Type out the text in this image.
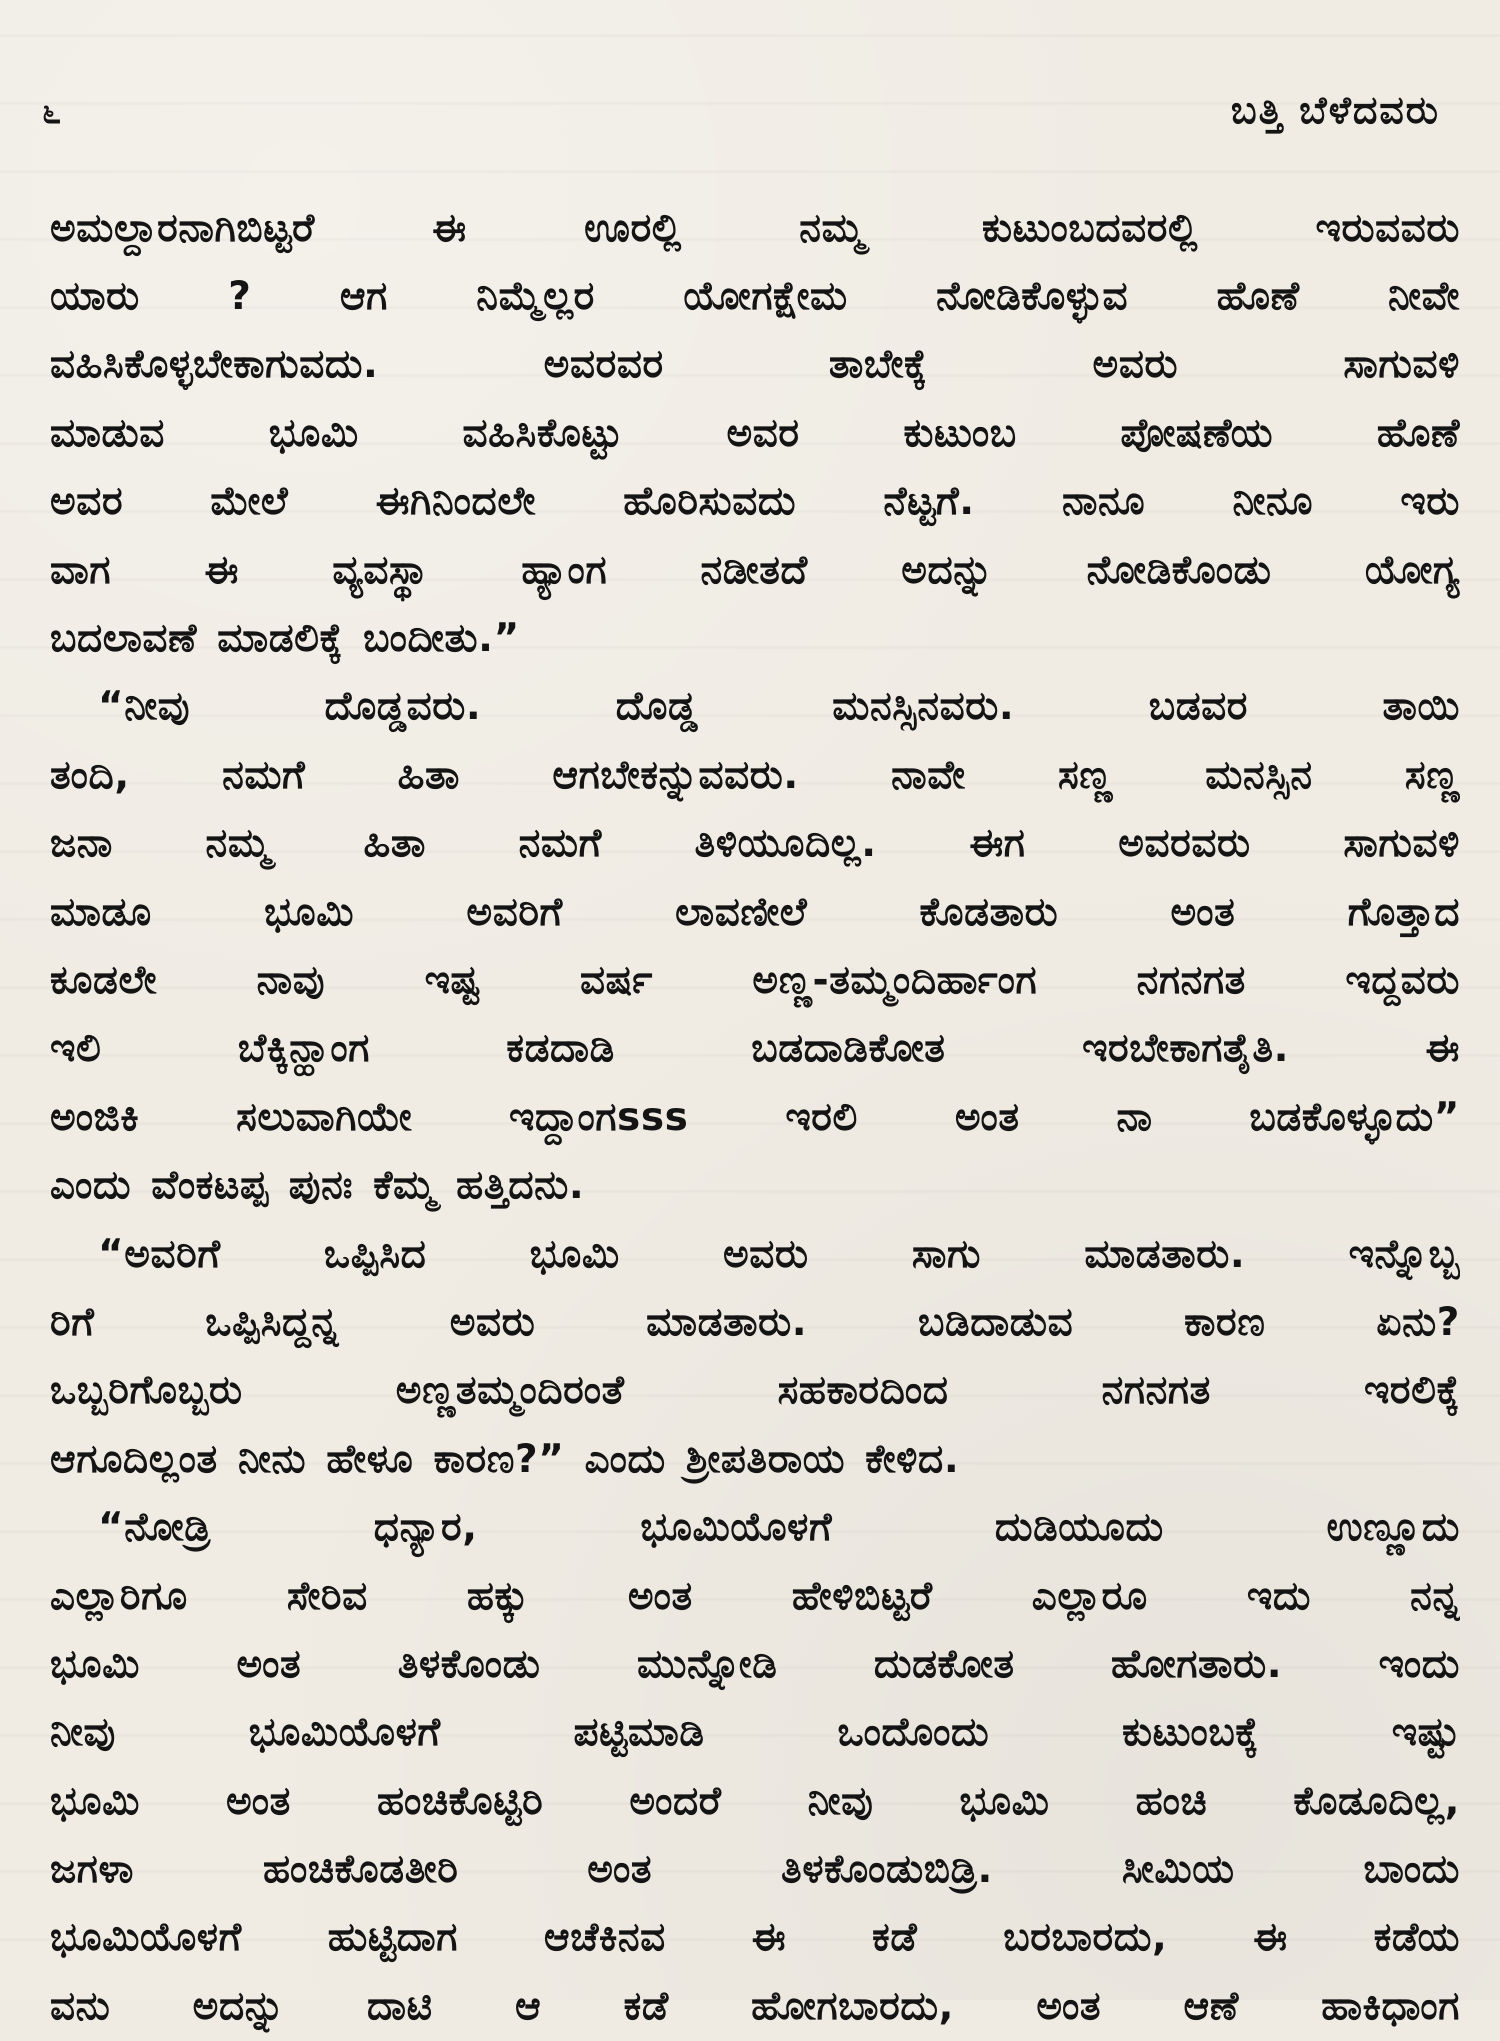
೬	ಬತ್ತಿ ಬೆಳೆದವರು
ಅಮಲ್ದಾರನಾಗಿಬಿಟ್ಟರೆ ಈ ಊರಲ್ಲಿ ನಮ್ಮ ಕುಟುಂಬದವರಲ್ಲಿ ಇರುವವರು
ಯಾರು ? ಆಗ ನಿಮ್ಮೆಲ್ಲರ ಯೋಗಕ್ಷೇಮ ನೋಡಿಕೊಳ್ಳುವ ಹೊಣೆ ನೀವೇ
ವಹಿಸಿಕೊಳ್ಳಬೇಕಾಗುವದು. ಅವರವರ ತಾಬೇಕ್ಕೆ ಅವರು ಸಾಗುವಳಿ
ಮಾಡುವ ಭೂಮಿ ವಹಿಸಿಕೊಟ್ಟು ಅವರ ಕುಟುಂಬ ಪೋಷಣೆಯ ಹೊಣೆ
ಅವರ ಮೇಲೆ ಈಗಿನಿಂದಲೇ ಹೊರಿಸುವದು ನೆಟ್ಟಗೆ. ನಾನೂ ನೀನೂ ಇರು
ವಾಗ ಈ ವ್ಯವಸ್ಥಾ ಹ್ಯಾಂಗ ನಡೀತದೆ ಅದನ್ನು ನೋಡಿಕೊಂಡು ಯೋಗ್ಯ
ಬದಲಾವಣೆ ಮಾಡಲಿಕ್ಕೆ ಬಂದೀತು.”
“ನೀವು ದೊಡ್ಡವರು. ದೊಡ್ಡ ಮನಸ್ಸಿನವರು. ಬಡವರ ತಾಯಿ
ತಂದಿ, ನಮಗೆ ಹಿತಾ ಆಗಬೇಕನ್ನುವವರು. ನಾವೇ ಸಣ್ಣ ಮನಸ್ಸಿನ ಸಣ್ಣ
ಜನಾ ನಮ್ಮ ಹಿತಾ ನಮಗೆ ತಿಳಿಯೂದಿಲ್ಲ. ಈಗ ಅವರವರು ಸಾಗುವಳಿ
ಮಾಡೂ ಭೂಮಿ ಅವರಿಗೆ ಲಾವಣೀಲೆ ಕೊಡತಾರು ಅಂತ ಗೊತ್ತಾದ
ಕೂಡಲೇ ನಾವು ಇಷ್ಟ ವರ್ಷ ಅಣ್ಣ-ತಮ್ಮಂದಿರ್ಹಾಂಗ ನಗನಗತ ಇದ್ದವರು
ಇಲಿ ಬೆಕ್ಕಿನ್ಹಾಂಗ ಕಡದಾಡಿ ಬಡದಾಡಿಕೋತ ಇರಬೇಕಾಗತೈತಿ. ಈ
ಅಂಜಿಕಿ ಸಲುವಾಗಿಯೇ ಇದ್ದಾಂಗsss ಇರಲಿ ಅಂತ ನಾ ಬಡಕೊಳ್ಳೂದು”
ಎಂದು ವೆಂಕಟಪ್ಪ ಪುನಃ ಕೆಮ್ಮ ಹತ್ತಿದನು.
“ಅವರಿಗೆ ಒಪ್ಪಿಸಿದ ಭೂಮಿ ಅವರು ಸಾಗು ಮಾಡತಾರು. ಇನ್ನೊಬ್ಬ
ರಿಗೆ ಒಪ್ಪಿಸಿದ್ದನ್ನ ಅವರು ಮಾಡತಾರು. ಬಡಿದಾಡುವ ಕಾರಣ ಏನು?
ಒಬ್ಬರಿಗೊಬ್ಬರು ಅಣ್ಣತಮ್ಮಂದಿರಂತೆ ಸಹಕಾರದಿಂದ ನಗನಗತ ಇರಲಿಕ್ಕೆ
ಆಗೂದಿಲ್ಲಂತ ನೀನು ಹೇಳೂ ಕಾರಣ?” ಎಂದು ಶ್ರೀಪತಿರಾಯ ಕೇಳಿದ.
“ನೋಡ್ರಿ ಧನ್ಯಾರ, ಭೂಮಿಯೊಳಗೆ ದುಡಿಯೂದು ಉಣ್ಣೂದು
ಎಲ್ಲಾರಿಗೂ ಸೇರಿವ ಹಕ್ಕು ಅಂತ ಹೇಳಿಬಿಟ್ಟರೆ ಎಲ್ಲಾರೂ ಇದು ನನ್ನ
ಭೂಮಿ ಅಂತ ತಿಳಕೊಂಡು ಮುನ್ನೋಡಿ ದುಡಕೋತ ಹೋಗತಾರು. ಇಂದು
ನೀವು ಭೂಮಿಯೊಳಗೆ ಪಟ್ಟಿಮಾಡಿ ಒಂದೊಂದು ಕುಟುಂಬಕ್ಕೆ ಇಷ್ಟು
ಭೂಮಿ ಅಂತ ಹಂಚಿಕೊಟ್ಟಿರಿ ಅಂದರೆ ನೀವು ಭೂಮಿ ಹಂಚಿ ಕೊಡೂದಿಲ್ಲ,
ಜಗಳಾ ಹಂಚಿಕೊಡತೀರಿ ಅಂತ ತಿಳಕೊಂಡುಬಿಡ್ರಿ. ಸೀಮಿಯ ಬಾಂದು
ಭೂಮಿಯೊಳಗೆ ಹುಟ್ಟಿದಾಗ ಆಚೆಕಿನವ ಈ ಕಡೆ ಬರಬಾರದು, ಈ ಕಡೆಯ
ವನು ಅದನ್ನು ದಾಟಿ ಆ ಕಡೆ ಹೋಗಬಾರದು, ಅಂತ ಆಣೆ ಹಾಕಿಧಾಂಗ
